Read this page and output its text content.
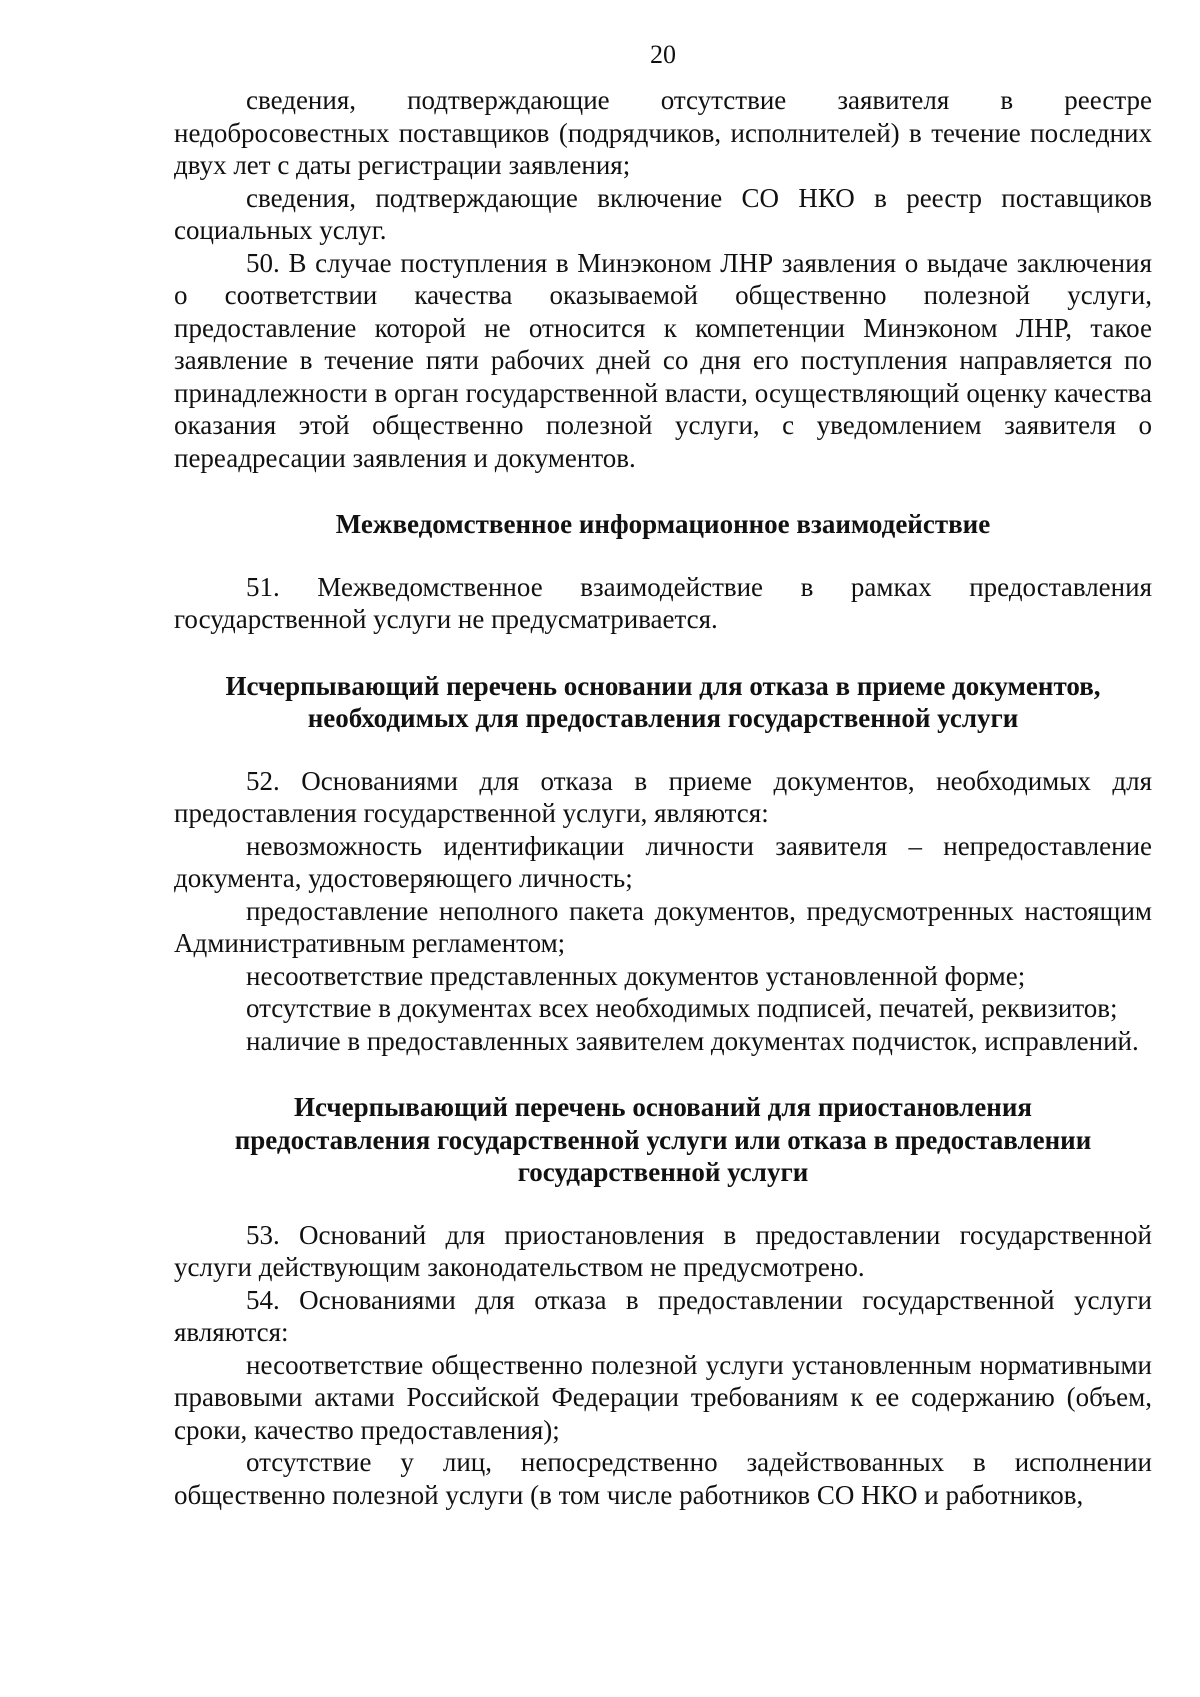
20

сведения, подтверждающие отсутствие заявителя в реестре недобросовестных поставщиков (подрядчиков, исполнителей) в течение последних двух лет с даты регистрации заявления;

сведения, подтверждающие включение СО НКО в реестр поставщиков социальных услуг.

50. В случае поступления в Минэконом ЛНР заявления о выдаче заключения о соответствии качества оказываемой общественно полезной услуги, предоставление которой не относится к компетенции Минэконом ЛНР, такое заявление в течение пяти рабочих дней со дня его поступления направляется по принадлежности в орган государственной власти, осуществляющий оценку качества оказания этой общественно полезной услуги, с уведомлением заявителя о переадресации заявления и документов.

Межведомственное информационное взаимодействие

51. Межведомственное взаимодействие в рамках предоставления государственной услуги не предусматривается.

Исчерпывающий перечень основании для отказа в приеме документов,
необходимых для предоставления государственной услуги

52. Основаниями для отказа в приеме документов, необходимых для предоставления государственной услуги, являются:

невозможность идентификации личности заявителя – непредоставление документа, удостоверяющего личность;

предоставление неполного пакета документов, предусмотренных настоящим Административным регламентом;

несоответствие представленных документов установленной форме;

отсутствие в документах всех необходимых подписей, печатей, реквизитов;

наличие в предоставленных заявителем документах подчисток, исправлений.

Исчерпывающий перечень оснований для приостановления
предоставления государственной услуги или отказа в предоставлении
государственной услуги

53. Оснований для приостановления в предоставлении государственной услуги действующим законодательством не предусмотрено.

54. Основаниями для отказа в предоставлении государственной услуги являются:

несоответствие общественно полезной услуги установленным нормативными правовыми актами Российской Федерации требованиям к ее содержанию (объем, сроки, качество предоставления);

отсутствие у лиц, непосредственно задействованных в исполнении общественно полезной услуги (в том числе работников СО НКО и работников,
